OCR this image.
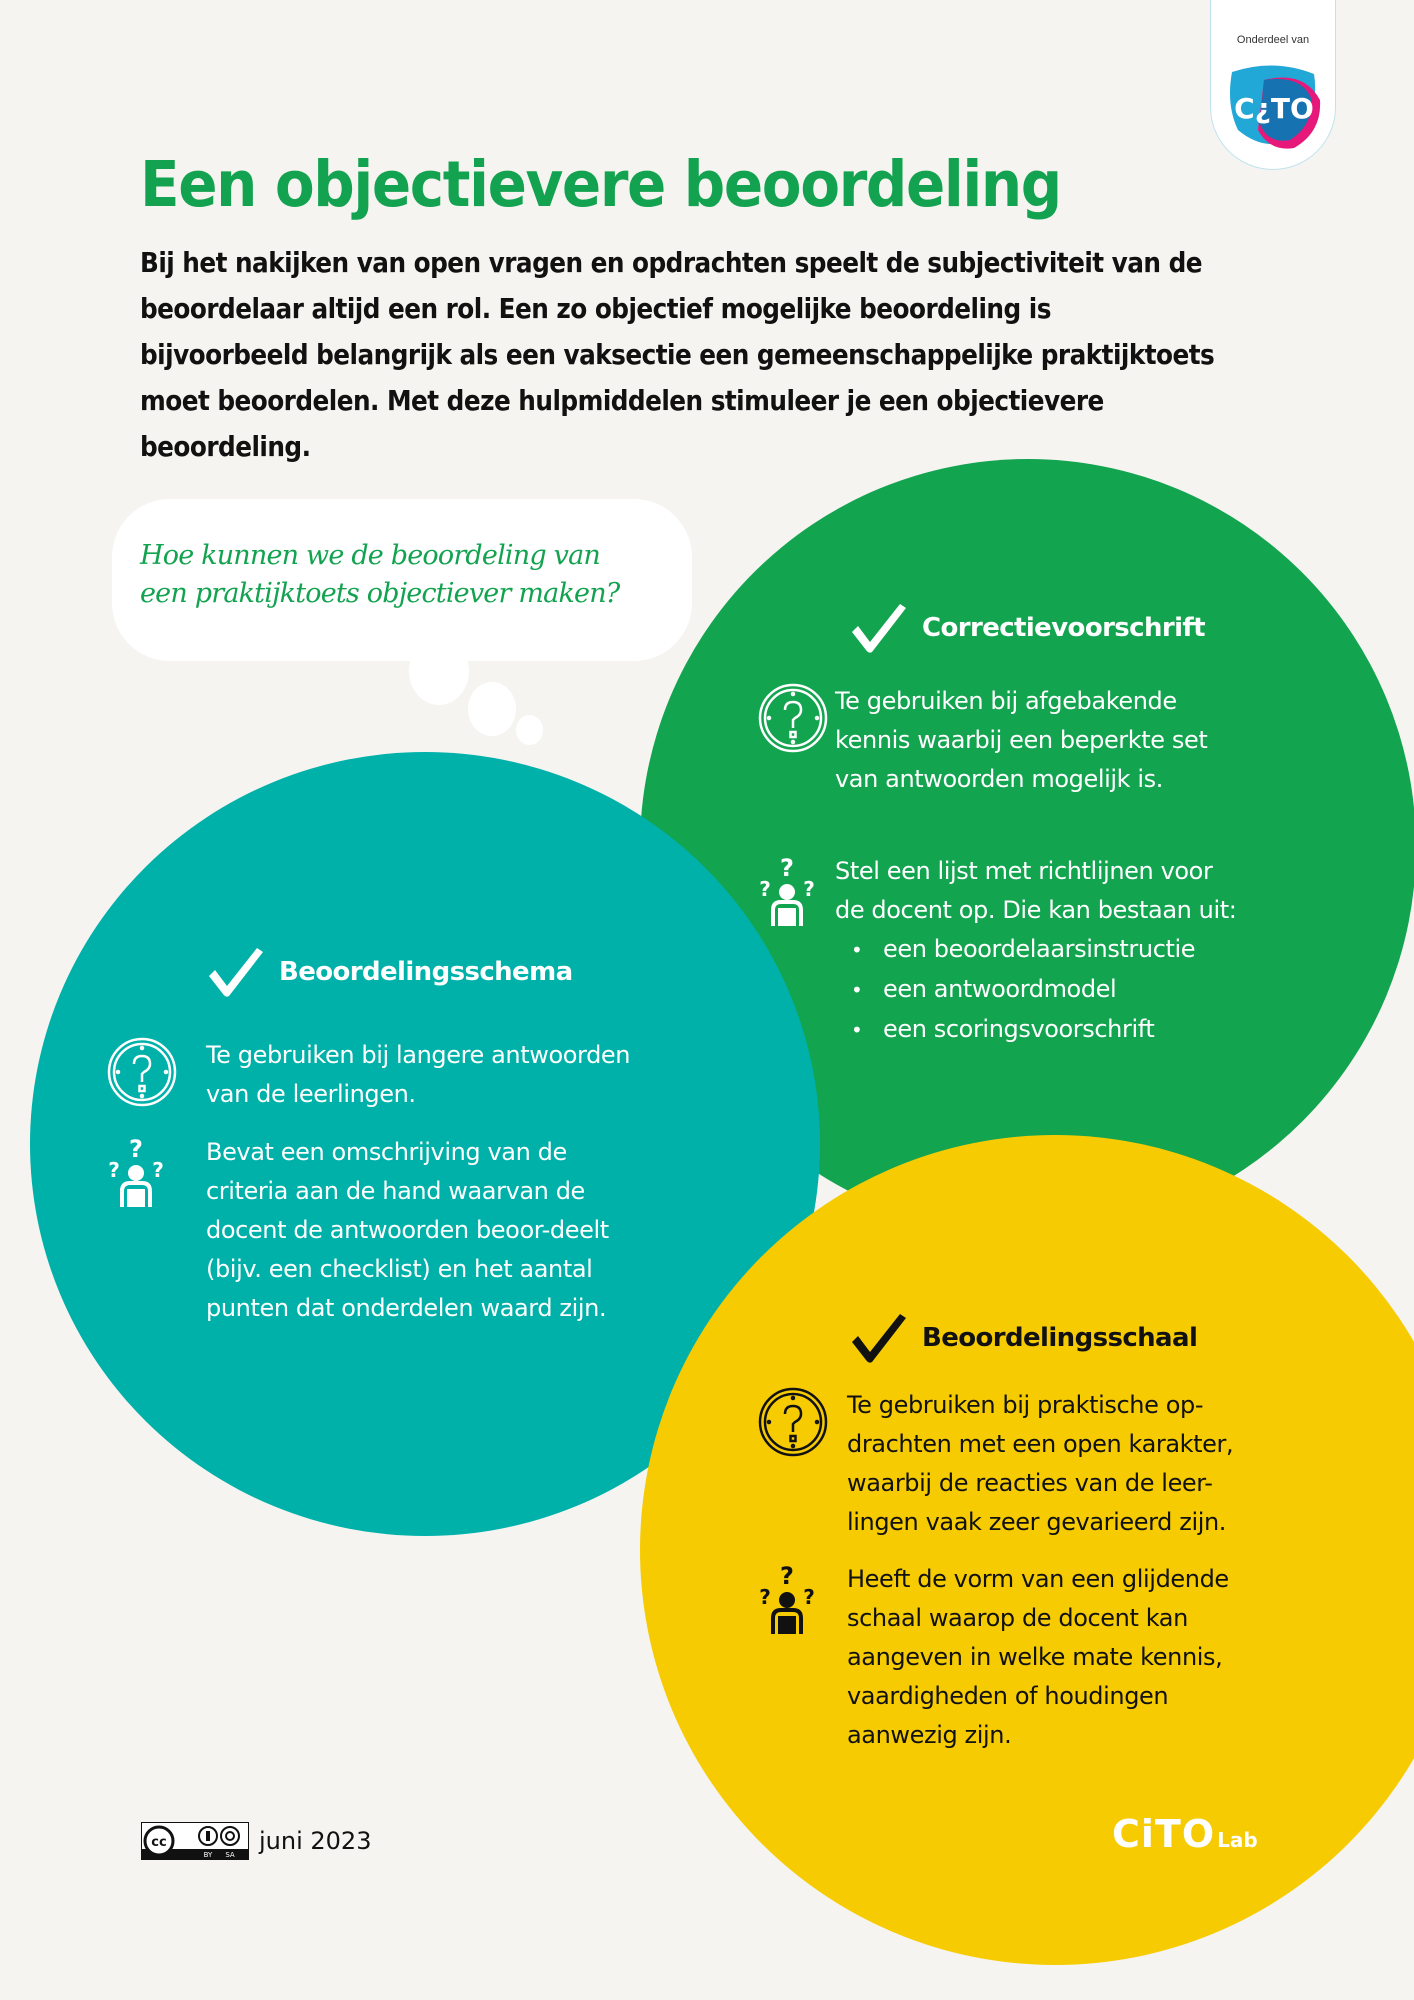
Onderdeel van
C¿TO
Een objectievere beoordeling
Bij het nakijken van open vragen en opdrachten speelt de subjectiviteit van de
beoordelaar altijd een rol. Een zo objectief mogelijke beoordeling is
bijvoorbeeld belangrijk als een vaksectie een gemeenschappelijke praktijktoets
moet beoordelen. Met deze hulpmiddelen stimuleer je een objectievere
beoordeling.
Hoe kunnen we de beoordeling van
een praktijktoets objectiever maken?
Correctievoorschrift
Te gebruiken bij afgebakende
kennis waarbij een beperkte set
van antwoorden mogelijk is.
?
? ?
Stel een lijst met richtlijnen voor
de docent op. Die kan bestaan uit:
• een beoordelaarsinstructie
• een antwoordmodel
• een scoringsvoorschrift
Beoordelingsschema
Te gebruiken bij langere antwoorden
van de leerlingen.
?
? ?
Bevat een omschrijving van de
criteria aan de hand waarvan de
docent de antwoorden beoor-deelt
(bijv. een checklist) en het aantal
punten dat onderdelen waard zijn.
Beoordelingsschaal
Te gebruiken bij praktische op-
drachten met een open karakter,
waarbij de reacties van de leer-
lingen vaak zeer gevarieerd zijn.
?
? ?
Heeft de vorm van een glijdende
schaal waarop de docent kan
aangeven in welke mate kennis,
vaardigheden of houdingen
aanwezig zijn.
cc
BY SA juni 2023	CiTO Lab
